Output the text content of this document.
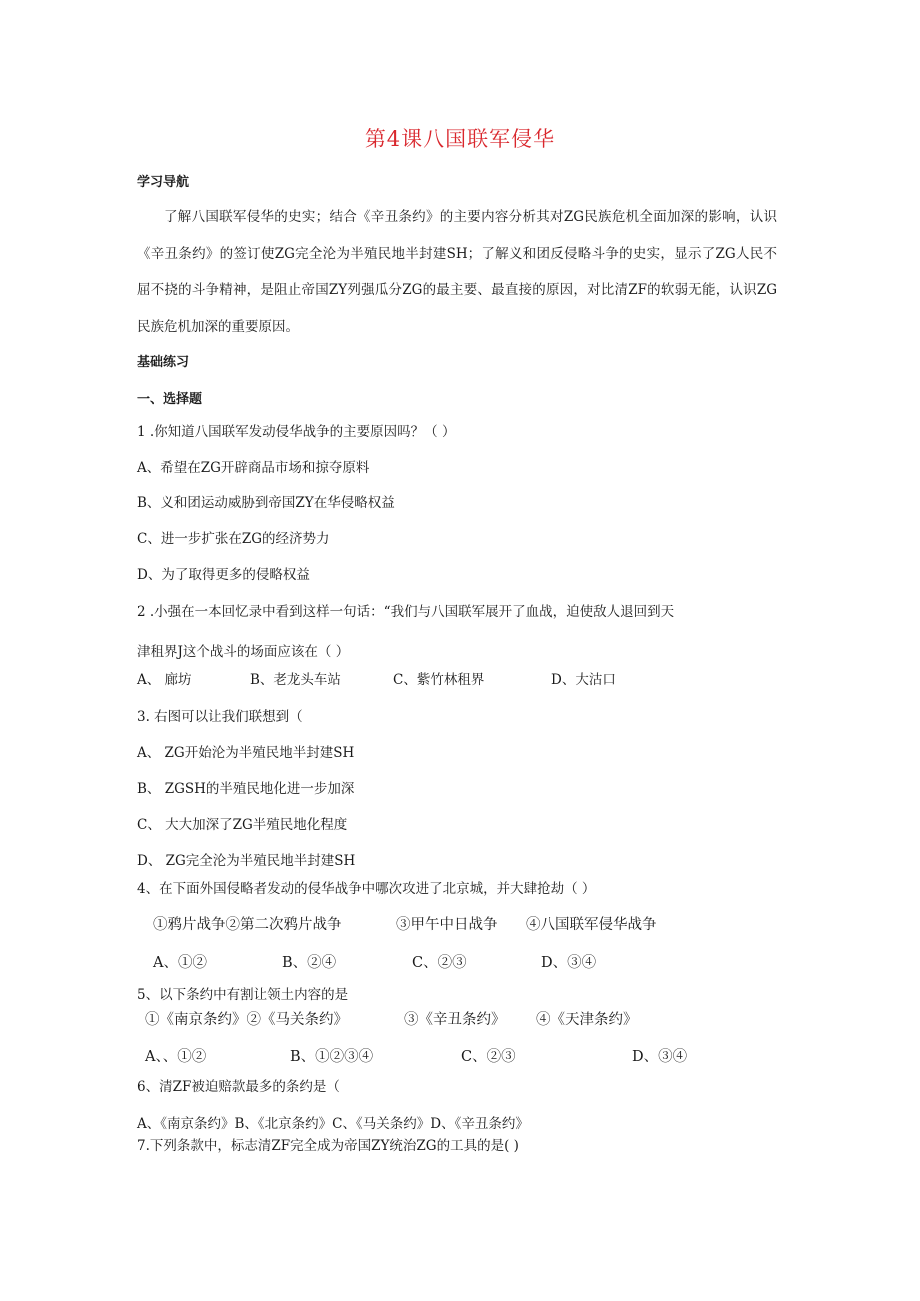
第4课八国联军侵华
学习导航

了解八国联军侵华的史实；结合《辛丑条约》的主要内容分析其对ZG民族危机全面加深的影响，认识《辛丑条约》的签订使ZG完全沦为半殖民地半封建SH；了解义和团反侵略斗争的史实，显示了ZG人民不屈不挠的斗争精神，是阻止帝国ZY列强瓜分ZG的最主要、最直接的原因，对比清ZF的软弱无能，认识ZG民族危机加深的重要原因。

基础练习
一、选择题
1 .你知道八国联军发动侵华战争的主要原因吗？（ ）
A、希望在ZG开辟商品市场和掠夺原料
B、义和团运动威胁到帝国ZY在华侵略权益
C、进一步扩张在ZG的经济势力
D、为了取得更多的侵略权益
2 .小强在一本回忆录中看到这样一句话：“我们与八国联军展开了血战，迫使敌人退回到天
津租界J这个战斗的场面应该在（ ）
A、 廊坊	B、老龙头车站	C、紫竹林租界	D、大沽口
3. 右图可以让我们联想到（
A、 ZG开始沦为半殖民地半封建SH
B、 ZGSH的半殖民地化进一步加深
C、 大大加深了ZG半殖民地化程度
D、 ZG完全沦为半殖民地半封建SH
4、在下面外国侵略者发动的侵华战争中哪次攻进了北京城，并大肆抢劫（ ）
①鸦片战争②第二次鸦片战争	③甲午中日战争 ④八国联军侵华战争
A、①②	B、②④	C、②③	D、③④
5、以下条约中有割让领土内容的是
①《南京条约》②《马关条约》	③《辛丑条约》 ④《天津条约》
A、、①②	B、①②③④	C、②③	D、③④
6、清ZF被迫赔款最多的条约是（
A、《南京条约》B、《北京条约》C、《马关条约》D、《辛丑条约》
7.下列条款中，标志清ZF完全成为帝国ZY统治ZG的工具的是( )
